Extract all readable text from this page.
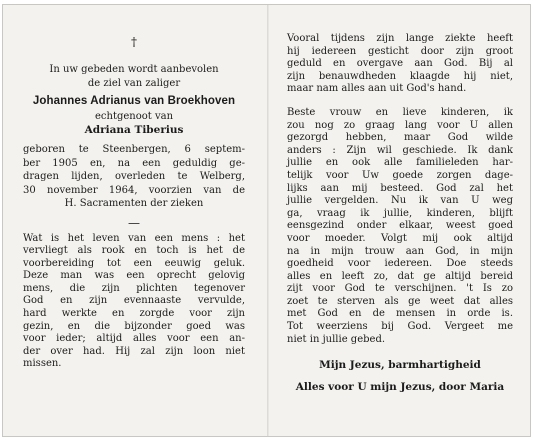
†
In uw gebeden wordt aanbevolen
de ziel van zaliger
Johannes Adrianus van Broekhoven
echtgenoot van
Adriana Tiberius
geboren te Steenbergen, 6 septem-
ber 1905 en, na een geduldig ge-
dragen lijden, overleden te Welberg,
30 november 1964, voorzien van de
H. Sacramenten der zieken
—
Wat is het leven van een mens : het
vervliegt als rook en toch is het de
voorbereiding tot een eeuwig geluk.
Deze man was een oprecht gelovig
mens, die zijn plichten tegenover
God en zijn evennaaste vervulde,
hard werkte en zorgde voor zijn
gezin, en die bijzonder goed was
voor ieder; altijd alles voor een an-
der over had. Hij zal zijn loon niet
missen.
Vooral tijdens zijn lange ziekte heeft
hij iedereen gesticht door zijn groot
geduld en overgave aan God. Bij al
zijn benauwdheden klaagde hij niet,
maar nam alles aan uit God's hand.
Beste vrouw en lieve kinderen, ik
zou nog zo graag lang voor U allen
gezorgd hebben, maar God wilde
anders : Zijn wil geschiede. Ik dank
jullie en ook alle familieleden har-
telijk voor Uw goede zorgen dage-
lijks aan mij besteed. God zal het
jullie vergelden. Nu ik van U weg
ga, vraag ik jullie, kinderen, blijft
eensgezind onder elkaar, weest goed
voor moeder. Volgt mij ook altijd
na in mijn trouw aan God, in mijn
goedheid voor iedereen. Doe steeds
alles en leeft zo, dat ge altijd bereid
zijt voor God te verschijnen. 't Is zo
zoet te sterven als ge weet dat alles
met God en de mensen in orde is.
Tot weerziens bij God. Vergeet me
niet in jullie gebed.
Mijn Jezus, barmhartigheid
Alles voor U mijn Jezus, door Maria
